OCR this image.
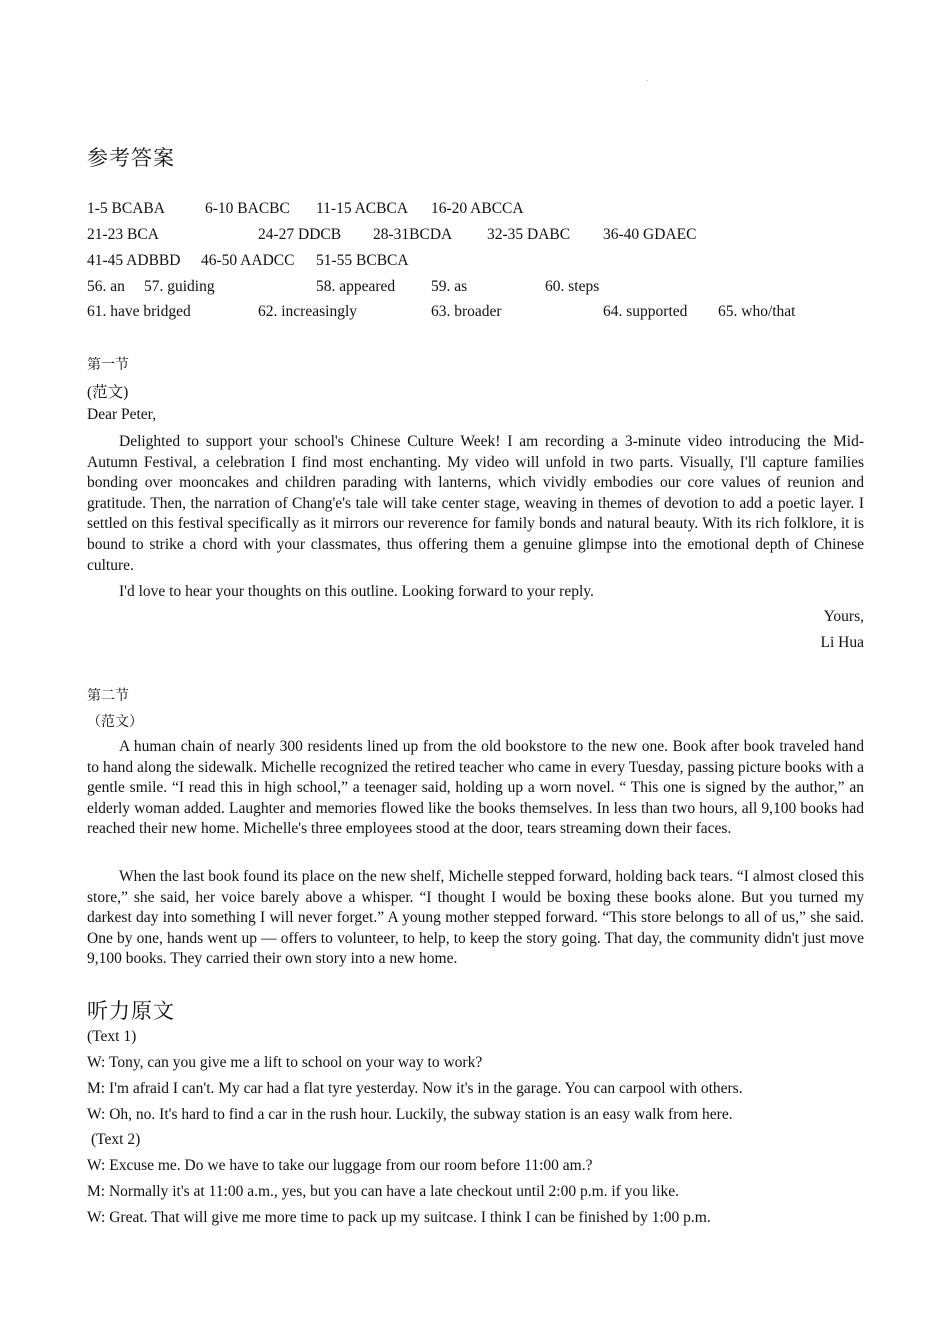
.
参考答案
1-5 BCABA	6-10 BACBC 11-15 ACBCA 16-20 ABCCA
21-23 BCA	24-27 DDCB 28-31BCDA 32-35 DABC 36-40 GDAEC
41-45 ADBBD 46-50 AADCC 51-55 BCBCA
56. an 57. guiding	58. appeared 59. as	60. steps
61. have bridged	62. increasingly	63. broader	64. supported 65. who/that
第一节
(范文)
Dear Peter,

Delighted to support your school's Chinese Culture Week! I am recording a 3-minute video introducing the Mid-Autumn Festival, a celebration I find most enchanting. My video will unfold in two parts. Visually, I'll capture families bonding over mooncakes and children parading with lanterns, which vividly embodies our core values of reunion and gratitude. Then, the narration of Chang'e's tale will take center stage, weaving in themes of devotion to add a poetic layer. I settled on this festival specifically as it mirrors our reverence for family bonds and natural beauty. With its rich folklore, it is bound to strike a chord with your classmates, thus offering them a genuine glimpse into the emotional depth of Chinese culture.

I'd love to hear your thoughts on this outline. Looking forward to your reply.

Yours,
Li Hua
第二节
（范文）

A human chain of nearly 300 residents lined up from the old bookstore to the new one. Book after book traveled hand to hand along the sidewalk. Michelle recognized the retired teacher who came in every Tuesday, passing picture books with a gentle smile. “I read this in high school,” a teenager said, holding up a worn novel. “ This one is signed by the author,” an elderly woman added. Laughter and memories flowed like the books themselves. In less than two hours, all 9,100 books had reached their new home. Michelle's three employees stood at the door, tears streaming down their faces.

When the last book found its place on the new shelf, Michelle stepped forward, holding back tears. “I almost closed this store,” she said, her voice barely above a whisper. “I thought I would be boxing these books alone. But you turned my darkest day into something I will never forget.” A young mother stepped forward. “This store belongs to all of us,” she said. One by one, hands went up — offers to volunteer, to help, to keep the story going. That day, the community didn't just move 9,100 books. They carried their own story into a new home.

听力原文
(Text 1)
W: Tony, can you give me a lift to school on your way to work?
M: I'm afraid I can't. My car had a flat tyre yesterday. Now it's in the garage. You can carpool with others.
W: Oh, no. It's hard to find a car in the rush hour. Luckily, the subway station is an easy walk from here.
(Text 2)
W: Excuse me. Do we have to take our luggage from our room before 11:00 am.?
M: Normally it's at 11:00 a.m., yes, but you can have a late checkout until 2:00 p.m. if you like.
W: Great. That will give me more time to pack up my suitcase. I think I can be finished by 1:00 p.m.
